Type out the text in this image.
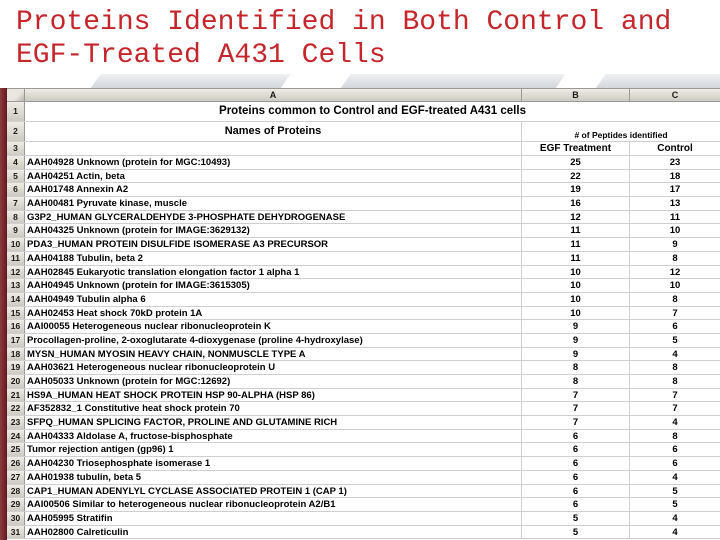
Proteins Identified in Both Control and
EGF-Treated A431 Cells
A	B	C
1	Proteins common to Control and EGF-treated A431 cells
2	Names of Proteins	# of Peptides identified
3	EGF Treatment	Control
4 AAH04928 Unknown (protein for MGC:10493)	25	23
5 AAH04251 Actin, beta	22	18
6 AAH01748 Annexin A2	19	17
7 AAH00481 Pyruvate kinase, muscle	16	13
8 G3P2_HUMAN GLYCERALDEHYDE 3-PHOSPHATE DEHYDROGENASE	12	11
9 AAH04325 Unknown (protein for IMAGE:3629132)	11	10
10 PDA3_HUMAN PROTEIN DISULFIDE ISOMERASE A3 PRECURSOR	11	9
11 AAH04188 Tubulin, beta 2	11	8
12 AAH02845 Eukaryotic translation elongation factor 1 alpha 1	10	12
13 AAH04945 Unknown (protein for IMAGE:3615305)	10	10
14 AAH04949 Tubulin alpha 6	10	8
15 AAH02453 Heat shock 70kD protein 1A	10	7
16 AAI00055 Heterogeneous nuclear ribonucleoprotein K	9	6
17 Procollagen-proline, 2-oxoglutarate 4-dioxygenase (proline 4-hydroxylase)	9	5
18 MYSN_HUMAN MYOSIN HEAVY CHAIN, NONMUSCLE TYPE A	9	4
19 AAH03621 Heterogeneous nuclear ribonucleoprotein U	8	8
20 AAH05033 Unknown (protein for MGC:12692)	8	8
21 HS9A_HUMAN HEAT SHOCK PROTEIN HSP 90-ALPHA (HSP 86)	7	7
22 AF352832_1 Constitutive heat shock protein 70	7	7
23 SFPQ_HUMAN SPLICING FACTOR, PROLINE AND GLUTAMINE RICH	7	4
24 AAH04333 Aldolase A, fructose-bisphosphate	6	8
25 Tumor rejection antigen (gp96) 1	6	6
26 AAH04230 Triosephosphate isomerase 1	6	6
27 AAH01938 tubulin, beta 5	6	4
28 CAP1_HUMAN ADENYLYL CYCLASE ASSOCIATED PROTEIN 1 (CAP 1)	6	5
29 AAI00506 Similar to heterogeneous nuclear ribonucleoprotein A2/B1	6	5
30 AAH05995 Stratifin	5	4
31 AAH02800 Calreticulin	5	4
